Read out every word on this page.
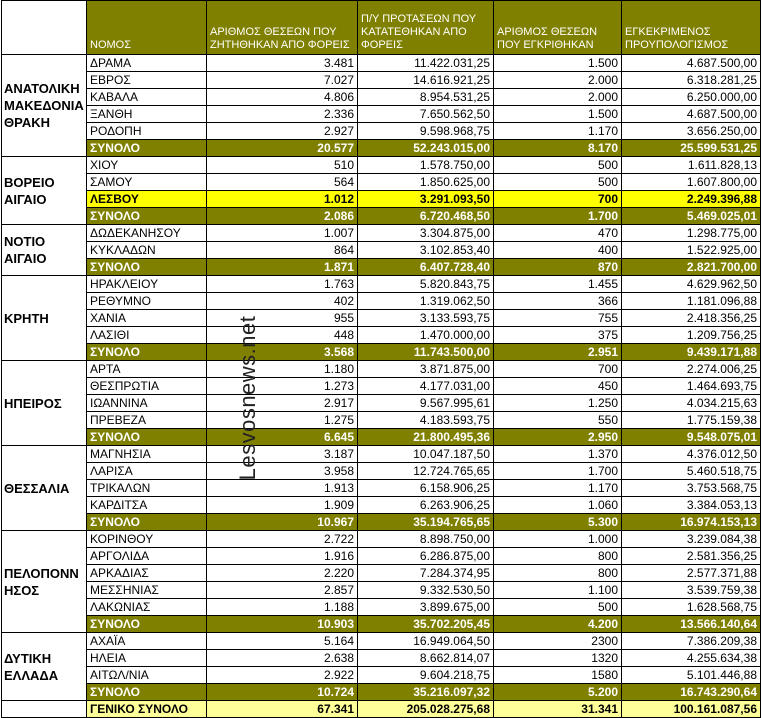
	ΝΟΜΟΣ	ΑΡΙΘΜΟΣ ΘΕΣΕΩΝ ΠΟΥ ΖΗΤΗΘΗΚΑΝ ΑΠΟ ΦΟΡΕΙΣ	Π/Υ ΠΡΟΤΑΣΕΩΝ ΠΟΥ ΚΑΤΑΤΕΘΗΚΑΝ ΑΠΟ ΦΟΡΕΙΣ	ΑΡΙΘΜΟΣ ΘΕΣΕΩΝ ΠΟΥ ΕΓΚΡΙΘΗΚΑΝ	ΕΓΚΕΚΡΙΜΕΝΟΣ ΠΡΟΥΠΟΛΟΓΙΣΜΟΣ
ΑΝΑΤΟΛΙΚΗ ΜΑΚΕΔΟΝΙΑ ΘΡΑΚΗ	ΔΡΑΜΑ	3.481	11.422.031,25	1.500	4.687.500,00
	ΕΒΡΟΣ	7.027	14.616.921,25	2.000	6.318.281,25
	ΚΑΒΑΛΑ	4.806	8.954.531,25	2.000	6.250.000,00
	ΞΑΝΘΗ	2.336	7.650.562,50	1.500	4.687.500,00
	ΡΟΔΟΠΗ	2.927	9.598.968,75	1.170	3.656.250,00
	ΣΥΝΟΛΟ	20.577	52.243.015,00	8.170	25.599.531,25
ΒΟΡΕΙΟ ΑΙΓΑΙΟ	ΧΙΟΥ	510	1.578.750,00	500	1.611.828,13
	ΣΑΜΟΥ	564	1.850.625,00	500	1.607.800,00
	ΛΕΣΒΟΥ	1.012	3.291.093,50	700	2.249.396,88
	ΣΥΝΟΛΟ	2.086	6.720.468,50	1.700	5.469.025,01
ΝΟΤΙΟ ΑΙΓΑΙΟ	ΔΩΔΕΚΑΝΗΣΟΥ	1.007	3.304.875,00	470	1.298.775,00
	ΚΥΚΛΑΔΩΝ	864	3.102.853,40	400	1.522.925,00
	ΣΥΝΟΛΟ	1.871	6.407.728,40	870	2.821.700,00
ΚΡΗΤΗ	ΗΡΑΚΛΕΙΟΥ	1.763	5.820.843,75	1.455	4.629.962,50
	ΡΕΘΥΜΝΟ	402	1.319.062,50	366	1.181.096,88
	ΧΑΝΙΑ	955	3.133.593,75	755	2.418.356,25
	ΛΑΣΙΘΙ	448	1.470.000,00	375	1.209.756,25
	ΣΥΝΟΛΟ	3.568	11.743.500,00	2.951	9.439.171,88
ΗΠΕΙΡΟΣ	ΑΡΤΑ	1.180	3.871.875,00	700	2.274.006,25
	ΘΕΣΠΡΩΤΙΑ	1.273	4.177.031,00	450	1.464.693,75
	ΙΩΑΝΝΙΝΑ	2.917	9.567.995,61	1.250	4.034.215,63
	ΠΡΕΒΕΖΑ	1.275	4.183.593,75	550	1.775.159,38
	ΣΥΝΟΛΟ	6.645	21.800.495,36	2.950	9.548.075,01
ΘΕΣΣΑΛΙΑ	ΜΑΓΝΗΣΙΑ	3.187	10.047.187,50	1.370	4.376.012,50
	ΛΑΡΙΣΑ	3.958	12.724.765,65	1.700	5.460.518,75
	ΤΡΙΚΑΛΩΝ	1.913	6.158.906,25	1.170	3.753.568,75
	ΚΑΡΔΙΤΣΑ	1.909	6.263.906,25	1.060	3.384.053,13
	ΣΥΝΟΛΟ	10.967	35.194.765,65	5.300	16.974.153,13
ΠΕΛΟΠΟΝΝ ΗΣΟΣ	ΚΟΡΙΝΘΟΥ	2.722	8.898.750,00	1.000	3.239.084,38
	ΑΡΓΟΛΙΔΑ	1.916	6.286.875,00	800	2.581.356,25
	ΑΡΚΑΔΙΑΣ	2.220	7.284.374,95	800	2.577.371,88
	ΜΕΣΣΗΝΙΑΣ	2.857	9.332.530,50	1.100	3.539.759,38
	ΛΑΚΩΝΙΑΣ	1.188	3.899.675,00	500	1.628.568,75
	ΣΥΝΟΛΟ	10.903	35.702.205,45	4.200	13.566.140,64
ΔΥΤΙΚΗ ΕΛΛΑΔΑ	ΑΧΑΪΑ	5.164	16.949.064,50	2300	7.386.209,38
	ΗΛΕΙΑ	2.638	8.662.814,07	1320	4.255.634,38
	ΑΙΤΩΛ/ΝΙΑ	2.922	9.604.218,75	1580	5.101.446,88
	ΣΥΝΟΛΟ	10.724	35.216.097,32	5.200	16.743.290,64
	ΓΕΝΙΚΟ ΣΥΝΟΛΟ	67.341	205.028.275,68	31.341	100.161.087,56
Lesvosnews.net
